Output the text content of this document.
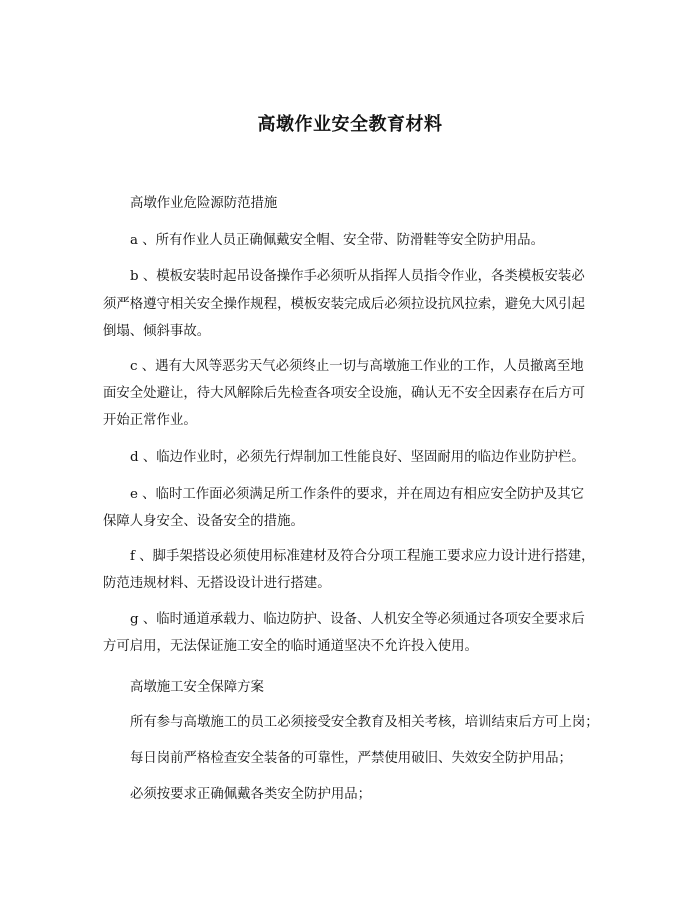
高墩作业安全教育材料
高墩作业危险源防范措施
a 、所有作业人员正确佩戴安全帽、安全带、防滑鞋等安全防护用品。
b 、模板安装时起吊设备操作手必须听从指挥人员指令作业，各类模板安装必
须严格遵守相关安全操作规程，模板安装完成后必须拉设抗风拉索，避免大风引起
倒塌、倾斜事故。
c 、遇有大风等恶劣天气必须终止一切与高墩施工作业的工作，人员撤离至地
面安全处避让，待大风解除后先检查各项安全设施，确认无不安全因素存在后方可
开始正常作业。
d 、临边作业时，必须先行焊制加工性能良好、坚固耐用的临边作业防护栏。
e 、临时工作面必须满足所工作条件的要求，并在周边有相应安全防护及其它
保障人身安全、设备安全的措施。
f 、脚手架搭设必须使用标准建材及符合分项工程施工要求应力设计进行搭建，
防范违规材料、无搭设设计进行搭建。
g 、临时通道承载力、临边防护、设备、人机安全等必须通过各项安全要求后
方可启用，无法保证施工安全的临时通道坚决不允许投入使用。
高墩施工安全保障方案
所有参与高墩施工的员工必须接受安全教育及相关考核，培训结束后方可上岗；
每日岗前严格检查安全装备的可靠性，严禁使用破旧、失效安全防护用品；
必须按要求正确佩戴各类安全防护用品；
